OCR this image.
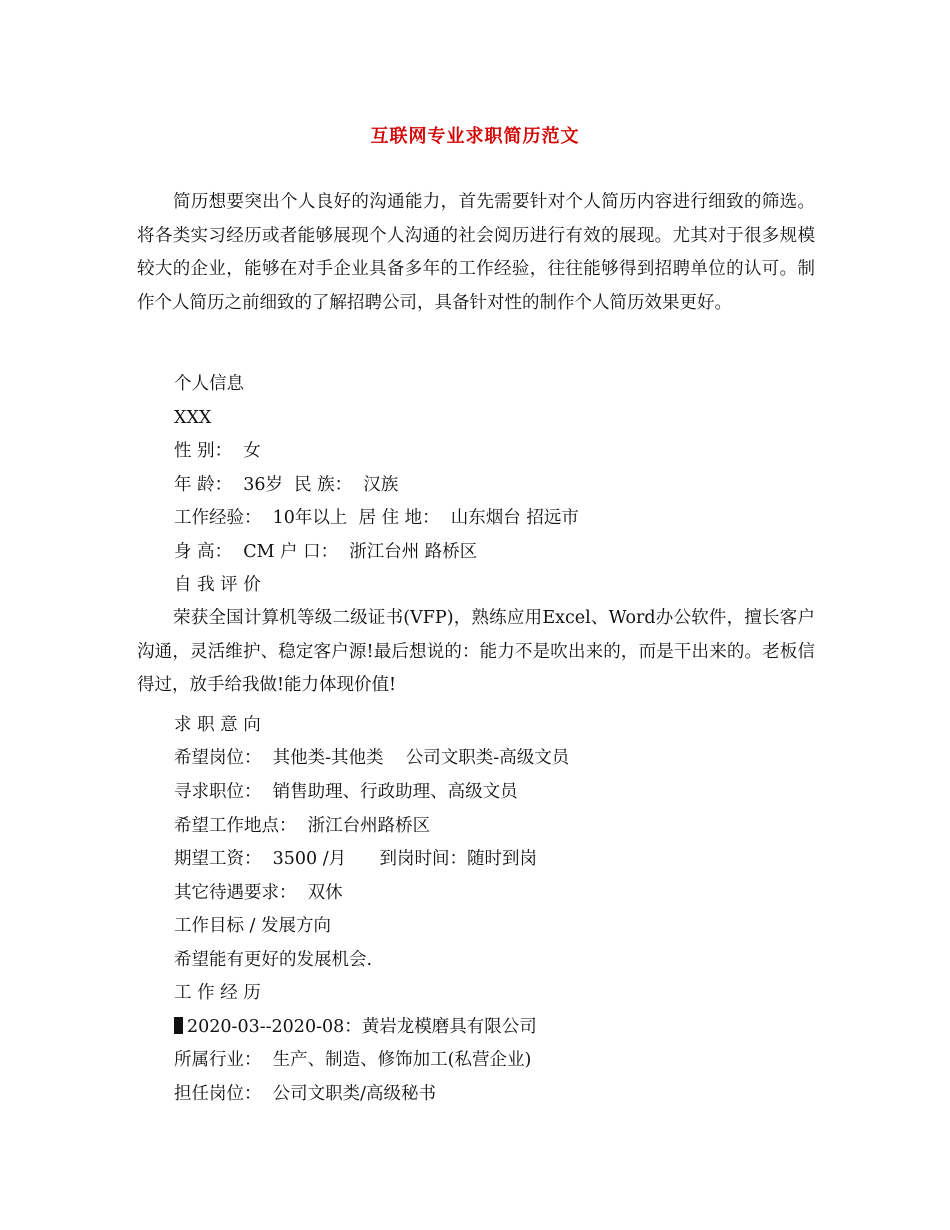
互联网专业求职简历范文

简历想要突出个人良好的沟通能力，首先需要针对个人简历内容进行细致的筛选。将各类实习经历或者能够展现个人沟通的社会阅历进行有效的展现。尤其对于很多规模较大的企业，能够在对手企业具备多年的工作经验，往往能够得到招聘单位的认可。制作个人简历之前细致的了解招聘公司，具备针对性的制作个人简历效果更好。

个人信息
XXX
性 别：  女
年 龄：  36岁  民 族：  汉族
工作经验：  10年以上  居 住 地：  山东烟台 招远市
身 高：  CM 户 口：  浙江台州 路桥区
自 我 评 价

荣获全国计算机等级二级证书(VFP)，熟练应用Excel、Word办公软件，擅长客户沟通，灵活维护、稳定客户源!最后想说的：能力不是吹出来的，而是干出来的。老板信得过，放手给我做!能力体现价值!

求 职 意 向
希望岗位：  其他类-其他类    公司文职类-高级文员
寻求职位：  销售助理、行政助理、高级文员
希望工作地点：  浙江台州路桥区
期望工资：  3500 /月      到岗时间：随时到岗
其它待遇要求：  双休
工作目标 / 发展方向
希望能有更好的发展机会.
工 作 经 历
2020-03--2020-08：黄岩龙模磨具有限公司
所属行业：  生产、制造、修饰加工(私营企业)
担任岗位：  公司文职类/高级秘书
